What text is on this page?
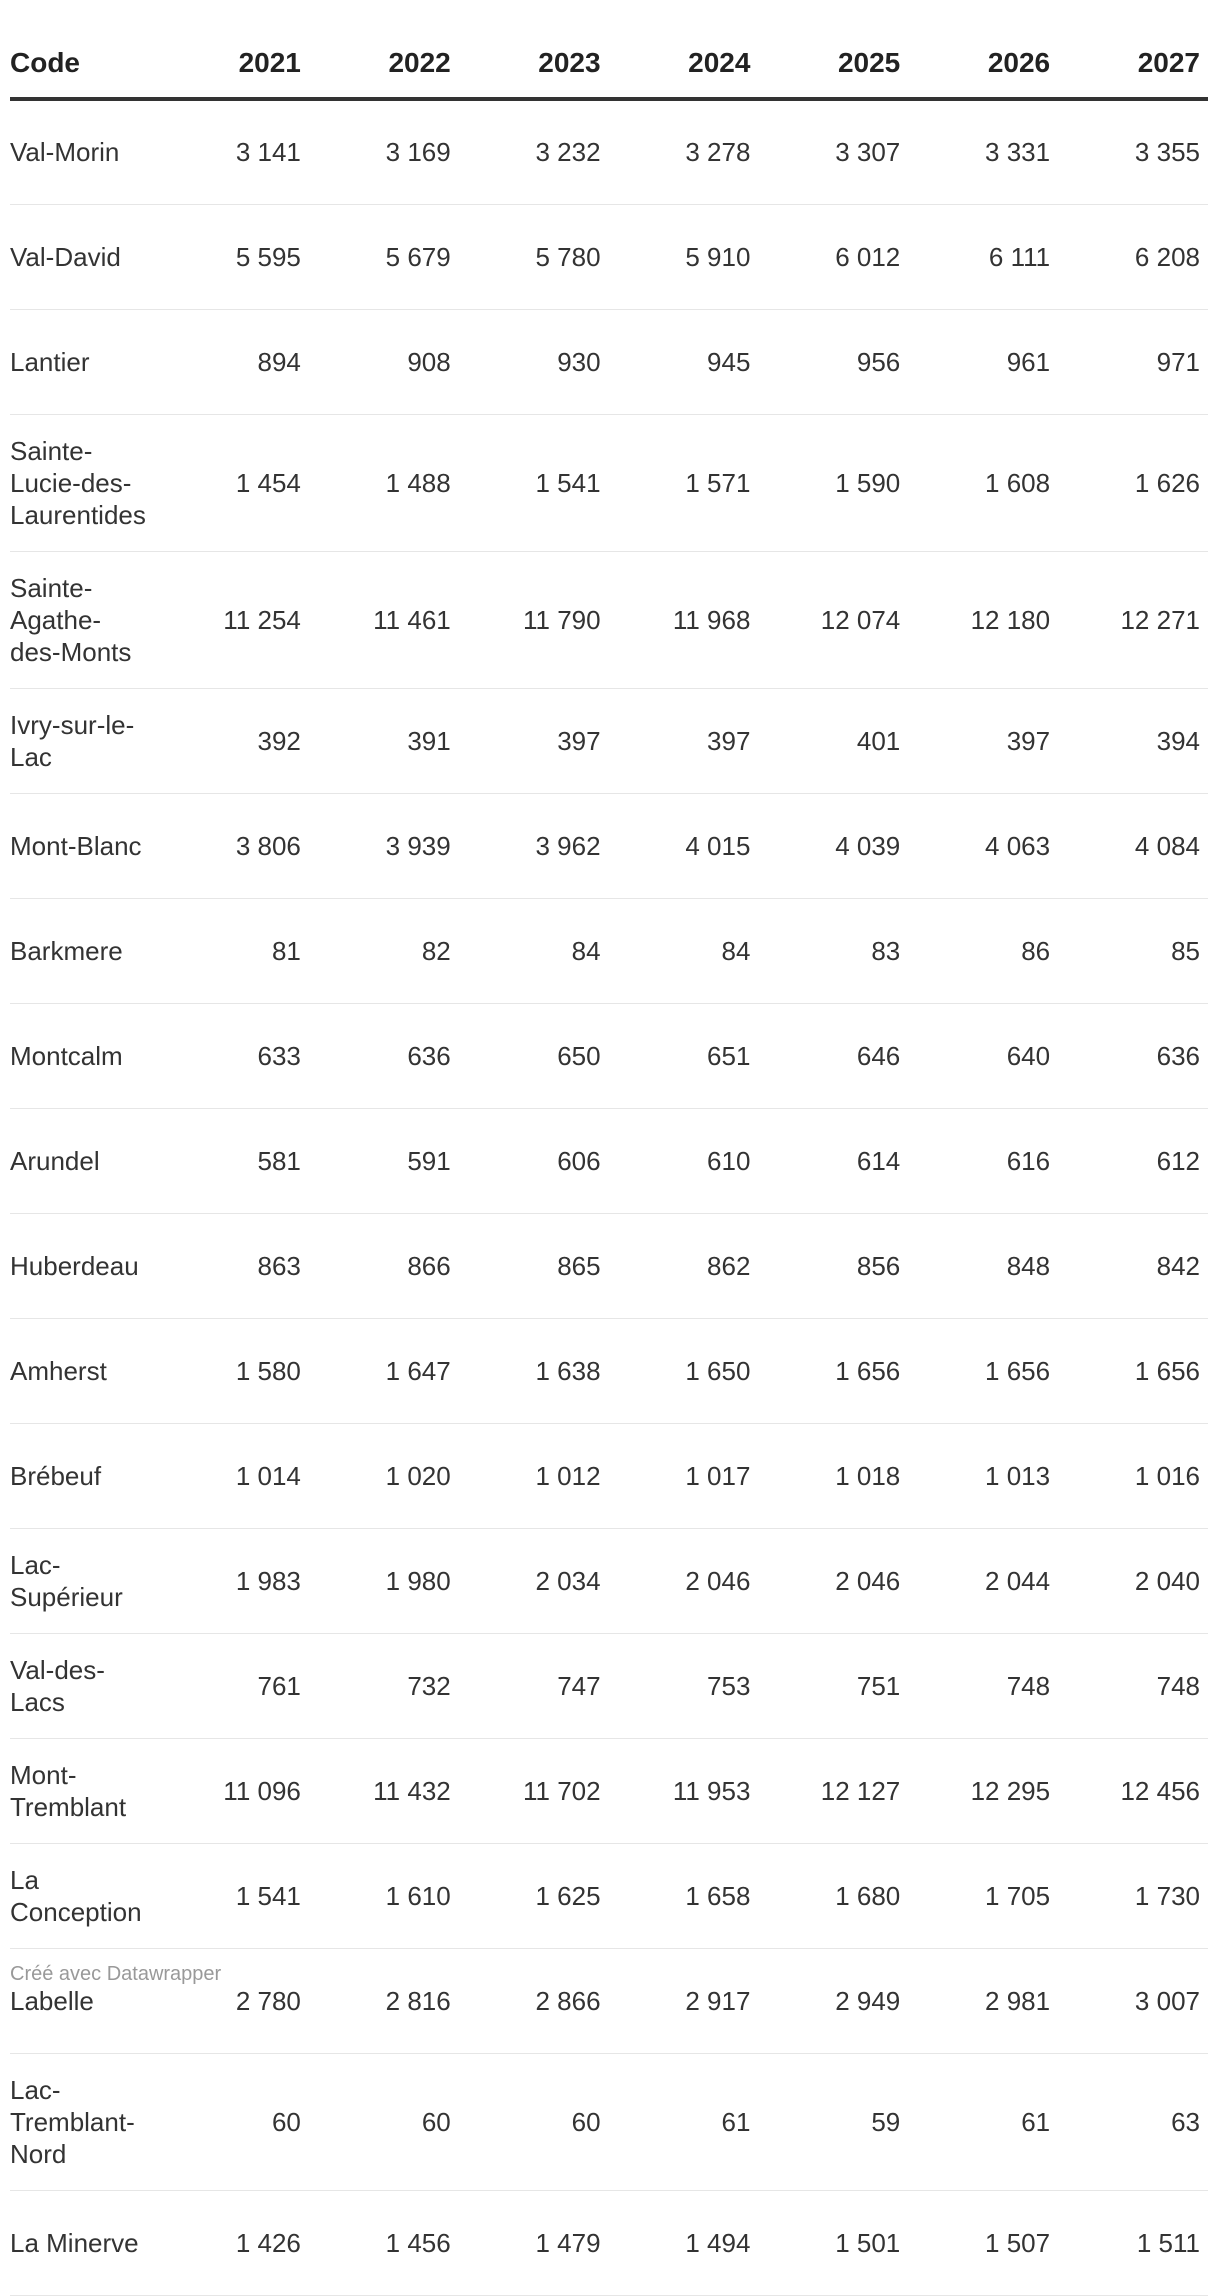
Code	2021	2022	2023	2024	2025	2026	2027
Val-Morin	3 141	3 169	3 232	3 278	3 307	3 331	3 355
Val-David	5 595	5 679	5 780	5 910	6 012	6 111	6 208
Lantier	894	908	930	945	956	961	971
Sainte-Lucie-des-Laurentides	1 454	1 488	1 541	1 571	1 590	1 608	1 626
Sainte-Agathe-des-Monts	11 254	11 461	11 790	11 968	12 074	12 180	12 271
Ivry-sur-le-Lac	392	391	397	397	401	397	394
Mont-Blanc	3 806	3 939	3 962	4 015	4 039	4 063	4 084
Barkmere	81	82	84	84	83	86	85
Montcalm	633	636	650	651	646	640	636
Arundel	581	591	606	610	614	616	612
Huberdeau	863	866	865	862	856	848	842
Amherst	1 580	1 647	1 638	1 650	1 656	1 656	1 656
Brébeuf	1 014	1 020	1 012	1 017	1 018	1 013	1 016
Lac-Supérieur	1 983	1 980	2 034	2 046	2 046	2 044	2 040
Val-des-Lacs	761	732	747	753	751	748	748
Mont-Tremblant	11 096	11 432	11 702	11 953	12 127	12 295	12 456
La Conception	1 541	1 610	1 625	1 658	1 680	1 705	1 730
Labelle	2 780	2 816	2 866	2 917	2 949	2 981	3 007
Lac-Tremblant-Nord	60	60	60	61	59	61	63
La Minerve	1 426	1 456	1 479	1 494	1 501	1 507	1 511
Créé avec Datawrapper
